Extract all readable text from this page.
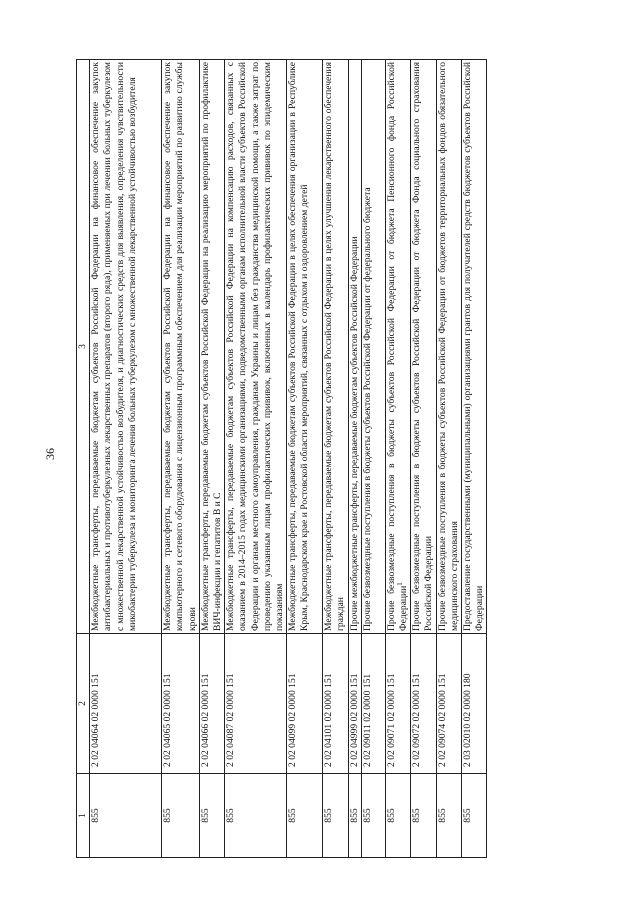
36
1	2	3
855	2 02 04064 02 0000 151	Межбюджетные трансферты, передаваемые бюджетам субъектов Российской Федерации на финансовое обеспечение закупок антибактериальных и противотуберкулезных лекарственных препаратов (второго ряда), применяемых при лечении больных туберкулезом с множественной лекарственной устойчивостью возбудителя, и диагностических средств для выявления, определения чувствительности микобактерии туберкулеза и мониторинга лечения больных туберкулезом с множественной лекарственной устойчивостью возбудителя
855	2 02 04065 02 0000 151	Межбюджетные трансферты, передаваемые бюджетам субъектов Российской Федерации на финансовое обеспечение закупок компьютерного и сетевого оборудования с лицензионным программным обеспечением для реализации мероприятий по развитию службы крови
855	2 02 04066 02 0000 151	Межбюджетные трансферты, передаваемые бюджетам субъектов Российской Федерации на реализацию мероприятий по профилактике ВИЧ-инфекции и гепатитов В и С
855	2 02 04087 02 0000 151	Межбюджетные трансферты, передаваемые бюджетам субъектов Российской Федерации на компенсацию расходов, связанных с оказанием в 2014–2015 годах медицинскими организациями, подведомственными органам исполнительной власти субъектов Российской Федерации и органам местного самоуправления, гражданам Украины и лицам без гражданства медицинской помощи, а также затрат по проведению указанным лицам профилактических прививок, включенных в календарь профилактических прививок по эпидемическим показаниям
855	2 02 04099 02 0000 151	Межбюджетные трансферты, передаваемые бюджетам субъектов Российской Федерации в целях обеспечения организации в Республике Крым, Краснодарском крае и Ростовской области мероприятий, связанных с отдыхом и оздоровлением детей
855	2 02 04101 02 0000 151	Межбюджетные трансферты, передаваемые бюджетам субъектов Российской Федерации в целях улучшения лекарственного обеспечения граждан
855	2 02 04999 02 0000 151	Прочие межбюджетные трансферты, передаваемые бюджетам субъектов Российской Федерации
855	2 02 09011 02 0000 151	Прочие безвозмездные поступления в бюджеты субъектов Российской Федерации от федерального бюджета
855	2 02 09071 02 0000 151	Прочие безвозмездные поступления в бюджеты субъектов Российской Федерации от бюджета Пенсионного фонда Российской Федерации$^1$
855	2 02 09072 02 0000 151	Прочие безвозмездные поступления в бюджеты субъектов Российской Федерации от бюджета Фонда социального страхования Российской Федерации
855	2 02 09074 02 0000 151	Прочие безвозмездные поступления в бюджеты субъектов Российской Федерации от бюджетов территориальных фондов обязательного медицинского страхования
855	2 03 02010 02 0000 180	Предоставление государственными (муниципальными) организациями грантов для получателей средств бюджетов субъектов Российской Федерации
